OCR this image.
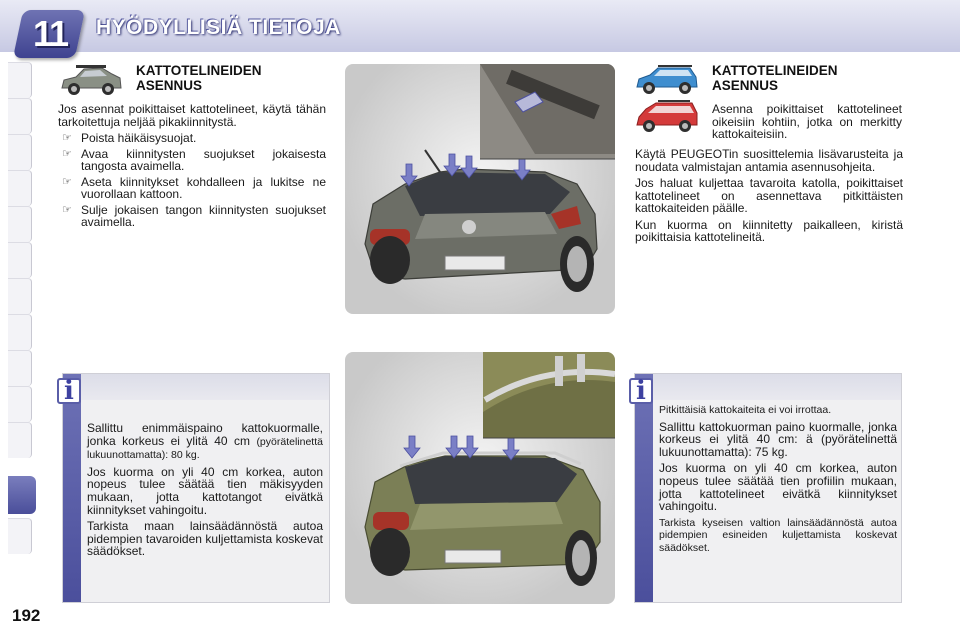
11	HYÖDYLLISIÄ TIETOJA
KATTOTELINEIDEN
ASENNUS

Jos asennat poikittaiset kattotelineet, käytä tähän tarkoitettuja neljää pikakiinnitystä.

☞ Poista häikäisysuojat.
☞ Avaa kiinnitysten suojukset jokaisesta tangosta avaimella.
☞ Aseta kiinnitykset kohdalleen ja lukitse ne vuorollaan kattoon.
☞ Sulje jokaisen tangon kiinnitysten suojukset avaimella.
KATTOTELINEIDEN
ASENNUS
Asenna poikittaiset kattotelineet oikeisiin kohtiin, jotka on merkitty kattokaiteisiin.

Käytä PEUGEOTin suosittelemia lisävarusteita ja noudata valmistajan antamia asennusohjeita.

Jos haluat kuljettaa tavaroita katolla, poikittaiset kattotelineet on asennettava pitkittäisten kattokaiteiden päälle.

Kun kuorma on kiinnitetty paikalleen, kiristä poikittaisia kattotelineitä.

i

Sallittu enimmäispaino kattokuormalle, jonka korkeus ei ylitä 40 cm (pyörätelinettä lukuunottamatta): 80 kg.

Jos kuorma on yli 40 cm korkea, auton nopeus tulee säätää tien mäkisyyden mukaan, jotta kattotangot eivätkä kiinnitykset vahingoitu.

Tarkista maan lainsäädännöstä autoa pidempien tavaroiden kuljettamista koskevat säädökset.

i

Pitkittäisiä kattokaiteita ei voi irrottaa.

Sallittu kattokuorman paino kuormalle, jonka korkeus ei ylitä 40 cm: ä (pyörätelinettä lukuunottamatta): 75 kg.

Jos kuorma on yli 40 cm korkea, auton nopeus tulee säätää tien profiilin mukaan, jotta kattotelineet eivätkä kiinnitykset vahingoitu.

Tarkista kyseisen valtion lainsäädännöstä autoa pidempien esineiden kuljettamista koskevat säädökset.

192
